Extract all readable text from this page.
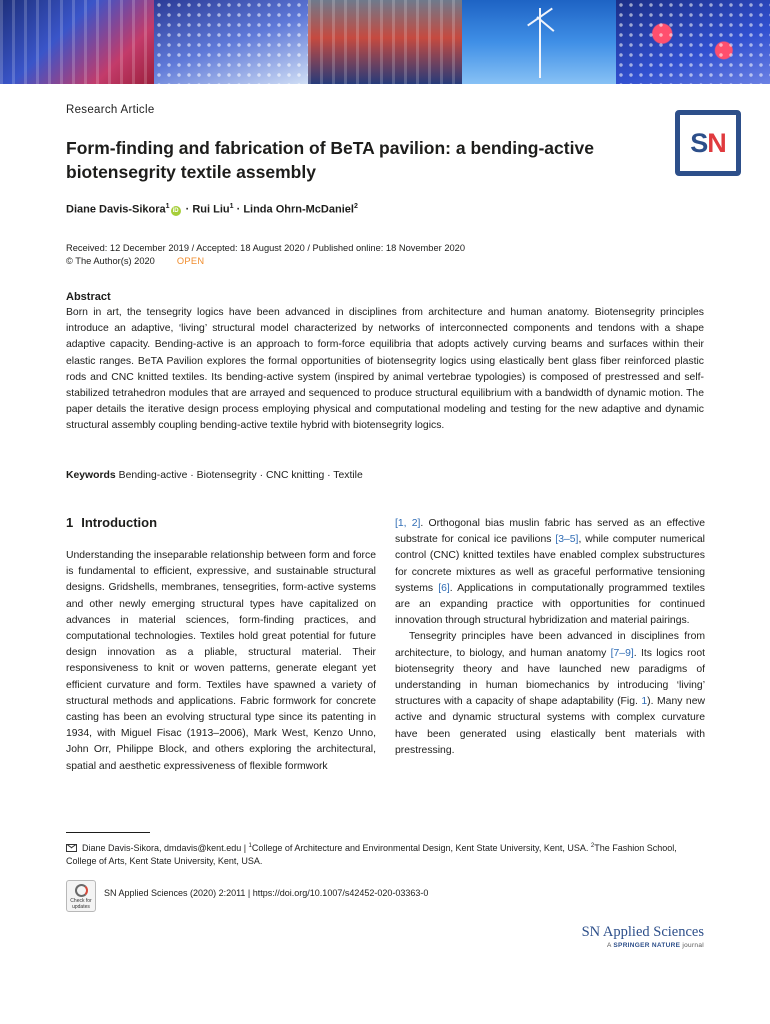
Research Article
S N
Form-finding and fabrication of BeTA pavilion: a bending-active biotensegrity textile assembly
Diane Davis-Sikora$^1$iD · Rui Liu$^1$ · Linda Ohrn-McDaniel$^2$
Received: 12 December 2019 / Accepted: 18 August 2020 / Published online: 18 November 2020
© The Author(s) 2020 OPEN
Abstract

Born in art, the tensegrity logics have been advanced in disciplines from architecture and human anatomy. Biotensegrity principles introduce an adaptive, ‘living’ structural model characterized by networks of interconnected components and tendons with a shape adaptive capacity. Bending-active is an approach to form-force equilibria that adopts actively curving beams and surfaces within their elastic ranges. BeTA Pavilion explores the formal opportunities of biotensegrity logics using elastically bent glass fiber reinforced plastic rods and CNC knitted textiles. Its bending-active system (inspired by animal vertebrae typologies) is composed of prestressed and self-stabilized tetrahedron modules that are arrayed and sequenced to produce structural equilibrium with a bandwidth of dynamic motion. The paper details the iterative design process employing physical and computational modeling and testing for the new adaptive and dynamic structural assembly coupling bending-active textile hybrid with biotensegrity logics.

Keywords Bending-active · Biotensegrity · CNC knitting · Textile
1 Introduction

Understanding the inseparable relationship between form and force is fundamental to efficient, expressive, and sustainable structural designs. Gridshells, membranes, tensegrities, form-active systems and other newly emerging structural types have capitalized on advances in material sciences, form-finding practices, and computational technologies. Textiles hold great potential for future design innovation as a pliable, structural material. Their responsiveness to knit or woven patterns, generate elegant yet efficient curvature and form. Textiles have spawned a variety of structural methods and applications. Fabric formwork for concrete casting has been an evolving structural type since its patenting in 1934, with Miguel Fisac (1913–2006), Mark West, Kenzo Unno, John Orr, Philippe Block, and others exploring the architectural, spatial and aesthetic expressiveness of flexible formwork

[1, 2]. Orthogonal bias muslin fabric has served as an effective substrate for conical ice pavilions [3–5], while computer numerical control (CNC) knitted textiles have enabled complex substructures for concrete mixtures as well as graceful performative tensioning systems [6]. Applications in computationally programmed textiles are an expanding practice with opportunities for continued innovation through structural hybridization and material pairings.

Tensegrity principles have been advanced in disciplines from architecture, to biology, and human anatomy [7–9]. Its logics root biotensegrity theory and have launched new paradigms of understanding in human biomechanics by introducing ‘living’ structures with a capacity of shape adaptability (Fig. 1). Many new active and dynamic structural systems with complex curvature have been generated using elastically bent materials with prestressing.

Diane Davis-Sikora, dmdavis@kent.edu | $^1$College of Architecture and Environmental Design, Kent State University, Kent, USA. $^2$The Fashion School, College of Arts, Kent State University, Kent, USA.
Check for
updates
SN Applied Sciences (2020) 2:2011 | https://doi.org/10.1007/s42452-020-03363-0
SN Applied Sciences
A SPRINGER NATURE journal
